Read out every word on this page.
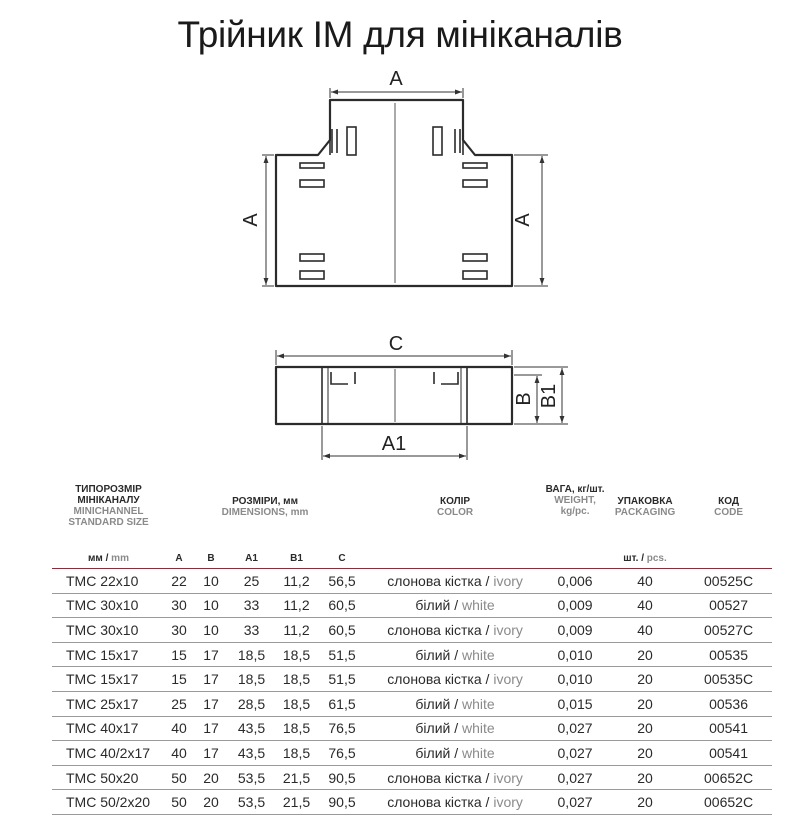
Трійник IM для мініканалів
A
A	A
C
A1
B B1
ТИПОРОЗМІР МІНІКАНАЛУ
MINICHANNEL STANDARD SIZE	РОЗМІРИ, мм
DIMENSIONS, mm					КОЛІР
COLOR	ВАГА, кг/шт.
WEIGHT, kg/pc.	УПАКОВКА
PACKAGING	КОД
CODE

мм / mm	A	B	A1	B1	C			шт. / pcs.	
TMC 22x10	22	10	25	11,2	56,5	слонова кістка / ivory	0,006	40	00525C
TMC 30x10	30	10	33	11,2	60,5	білий / white	0,009	40	00527
TMC 30x10	30	10	33	11,2	60,5	слонова кістка / ivory	0,009	40	00527C
TMC 15x17	15	17	18,5	18,5	51,5	білий / white	0,010	20	00535
TMC 15x17	15	17	18,5	18,5	51,5	слонова кістка / ivory	0,010	20	00535C
TMC 25x17	25	17	28,5	18,5	61,5	білий / white	0,015	20	00536
TMC 40x17	40	17	43,5	18,5	76,5	білий / white	0,027	20	00541
TMC 40/2x17	40	17	43,5	18,5	76,5	білий / white	0,027	20	00541
TMC 50x20	50	20	53,5	21,5	90,5	слонова кістка / ivory	0,027	20	00652C
TMC 50/2x20	50	20	53,5	21,5	90,5	слонова кістка / ivory	0,027	20	00652C
